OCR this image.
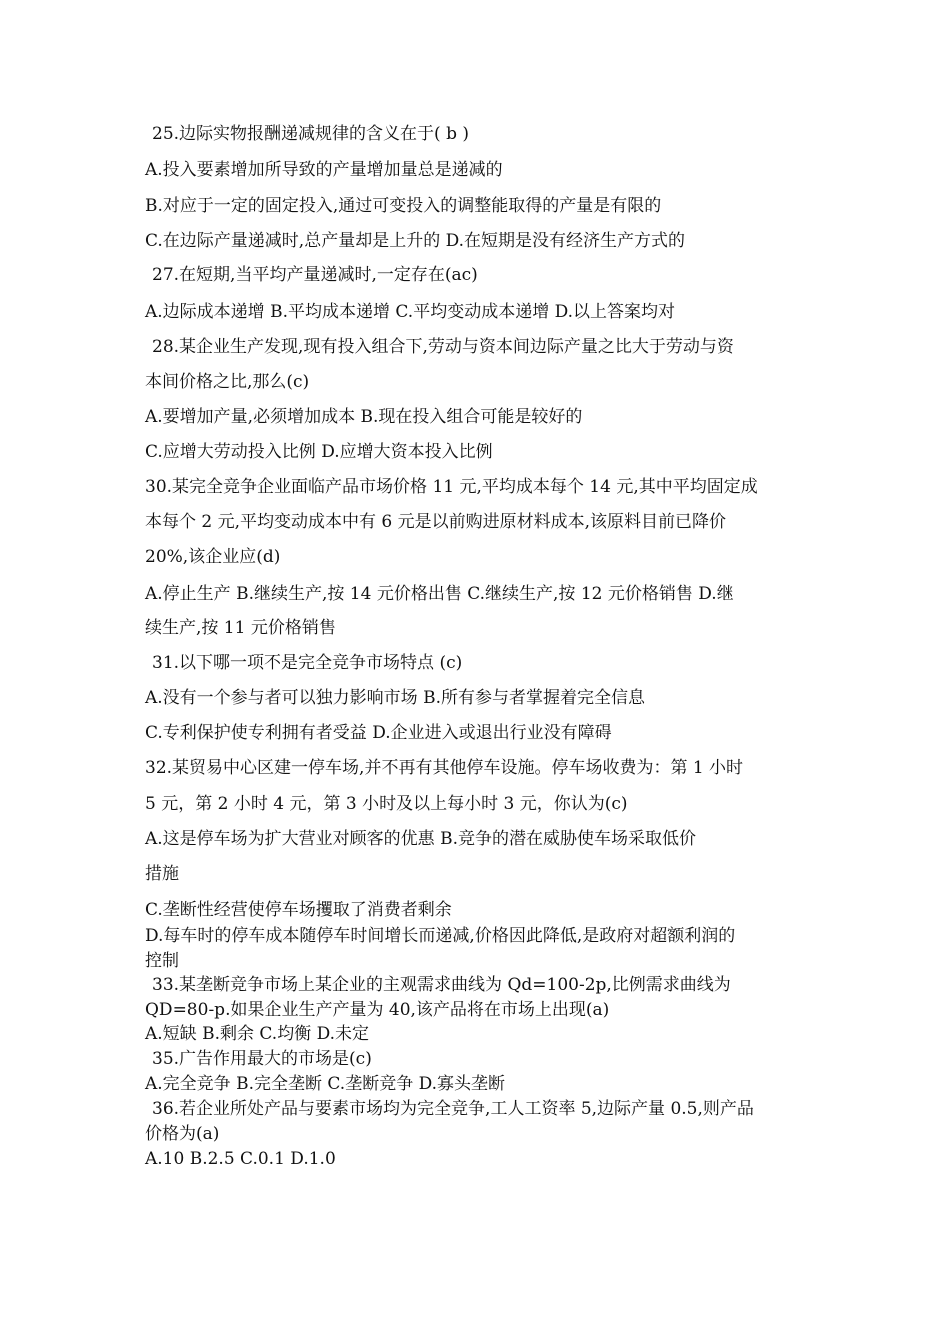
25.边际实物报酬递减规律的含义在于( b )
A.投入要素增加所导致的产量增加量总是递减的
B.对应于一定的固定投入,通过可变投入的调整能取得的产量是有限的
C.在边际产量递减时,总产量却是上升的 D.在短期是没有经济生产方式的
27.在短期,当平均产量递减时,一定存在(ac)
A.边际成本递增 B.平均成本递增 C.平均变动成本递增 D.以上答案均对
28.某企业生产发现,现有投入组合下,劳动与资本间边际产量之比大于劳动与资
本间价格之比,那么(c)
A.要增加产量,必须增加成本 B.现在投入组合可能是较好的
C.应增大劳动投入比例 D.应增大资本投入比例
30.某完全竞争企业面临产品市场价格 11 元,平均成本每个 14 元,其中平均固定成
本每个 2 元,平均变动成本中有 6 元是以前购进原材料成本,该原料目前已降价
20%,该企业应(d)
A.停止生产 B.继续生产,按 14 元价格出售 C.继续生产,按 12 元价格销售 D.继
续生产,按 11 元价格销售
31.以下哪一项不是完全竞争市场特点 (c)
A.没有一个参与者可以独力影响市场 B.所有参与者掌握着完全信息
C.专利保护使专利拥有者受益 D.企业进入或退出行业没有障碍
32.某贸易中心区建一停车场,并不再有其他停车设施。停车场收费为：第 1 小时
5 元，第 2 小时 4 元，第 3 小时及以上每小时 3 元，你认为(c)
A.这是停车场为扩大营业对顾客的优惠 B.竞争的潜在威胁使车场采取低价
措施
C.垄断性经营使停车场攫取了消费者剩余
D.每车时的停车成本随停车时间增长而递减,价格因此降低,是政府对超额利润的
控制
33.某垄断竞争市场上某企业的主观需求曲线为 Qd=100-2p,比例需求曲线为
QD=80-p.如果企业生产产量为 40,该产品将在市场上出现(a)
A.短缺 B.剩余 C.均衡 D.未定
35.广告作用最大的市场是(c)
A.完全竞争 B.完全垄断 C.垄断竞争 D.寡头垄断
36.若企业所处产品与要素市场均为完全竞争,工人工资率 5,边际产量 0.5,则产品
价格为(a)
A.10 B.2.5 C.0.1 D.1.0
